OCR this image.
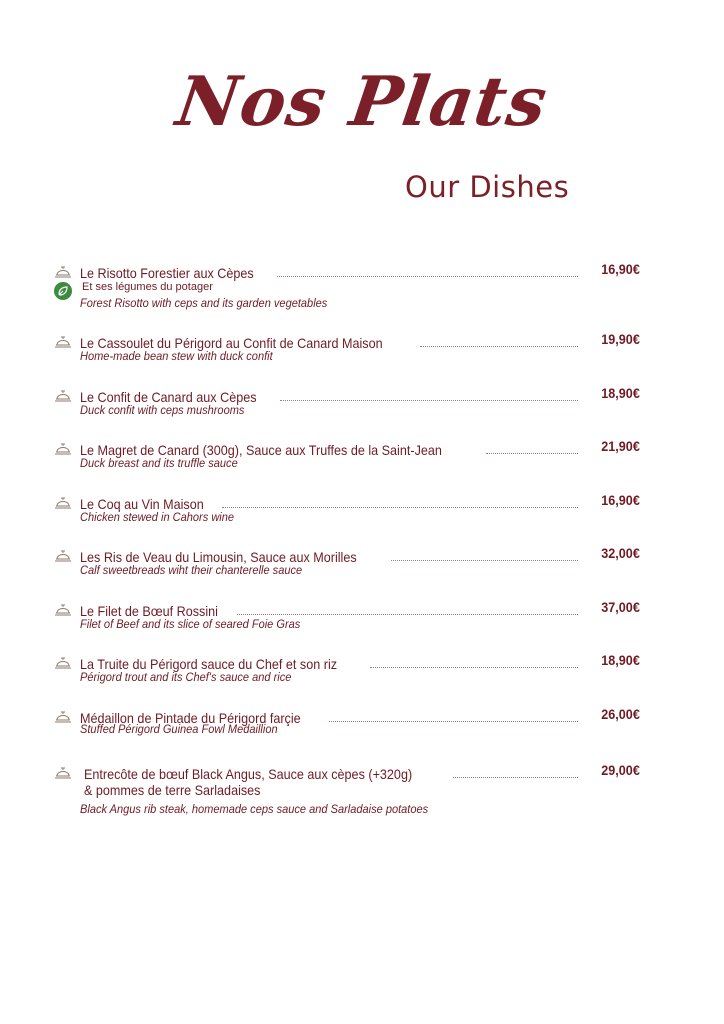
Nos Plats
Our Dishes
Le Risotto Forestier aux Cèpes	16,90€
Et ses légumes du potager
Forest Risotto with ceps and its garden vegetables
Le Cassoulet du Périgord au Confit de Canard Maison	19,90€
Home-made bean stew with duck confit
Le Confit de Canard aux Cèpes	18,90€
Duck confit with ceps mushrooms
Le Magret de Canard (300g), Sauce aux Truffes de la Saint-Jean	21,90€
Duck breast and its truffle sauce
Le Coq au Vin Maison	16,90€
Chicken stewed in Cahors wine
Les Ris de Veau du Limousin, Sauce aux Morilles	32,00€
Calf sweetbreads wiht their chanterelle sauce
Le Filet de Bœuf Rossini	37,00€
Filet of Beef and its slice of seared Foie Gras
La Truite du Périgord sauce du Chef et son riz	18,90€
Périgord trout and its Chef's sauce and rice
Médaillon de Pintade du Périgord farçie	26,00€
Stuffed Périgord Guinea Fowl Medaillion
Entrecôte de bœuf Black Angus, Sauce aux cèpes (+320g)	29,00€
& pommes de terre Sarladaises
Black Angus rib steak, homemade ceps sauce and Sarladaise potatoes
